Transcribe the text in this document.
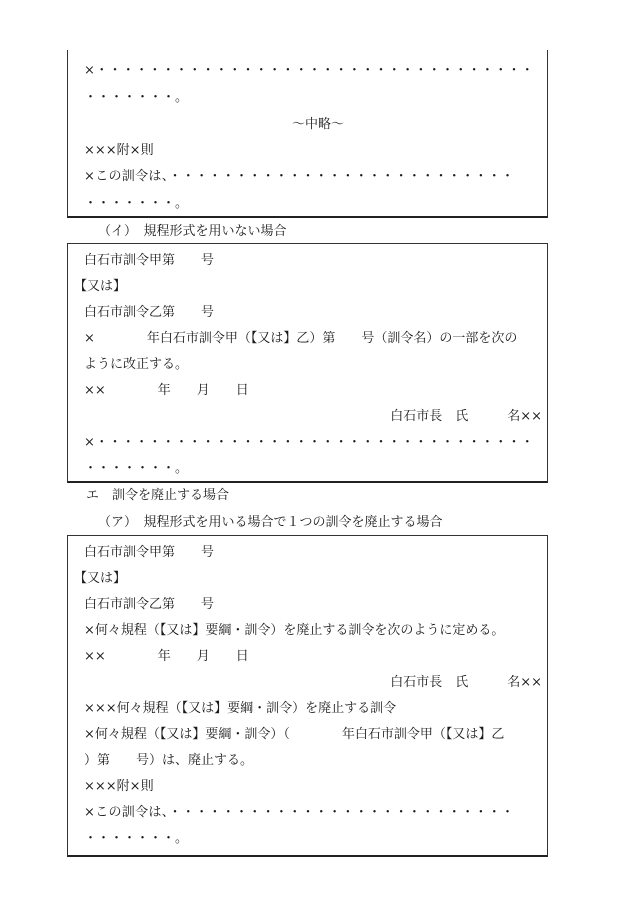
×・・・・・・・・・・・・・・・・・・・・・・・・・・・・・・・・・
・・・・・・・。
〜中略〜
×××附×則
×この訓令は、・・・・・・・・・・・・・・・・・・・・・・・・・・
・・・・・・・。
（イ）　規程形式を用いない場合
白石市訓令甲第　　号
【又は】
白石市訓令乙第　　号
×　　　　年白石市訓令甲（【又は】乙）第　　号（訓令名）の一部を次の
ように改正する。
××　　　　年　　月　　日
白石市長　氏　　　名××
×・・・・・・・・・・・・・・・・・・・・・・・・・・・・・・・・・
・・・・・・・。
エ　訓令を廃止する場合
（ア）　規程形式を用いる場合で１つの訓令を廃止する場合
白石市訓令甲第　　号
【又は】
白石市訓令乙第　　号
×何々規程（【又は】要綱・訓令）を廃止する訓令を次のように定める。
××　　　　年　　月　　日
白石市長　氏　　　名××
×××何々規程（【又は】要綱・訓令）を廃止する訓令
×何々規程（【又は】要綱・訓令）（　　　　年白石市訓令甲（【又は】乙
）第　　号）は、廃止する。
×××附×則
×この訓令は、・・・・・・・・・・・・・・・・・・・・・・・・・・
・・・・・・・。
